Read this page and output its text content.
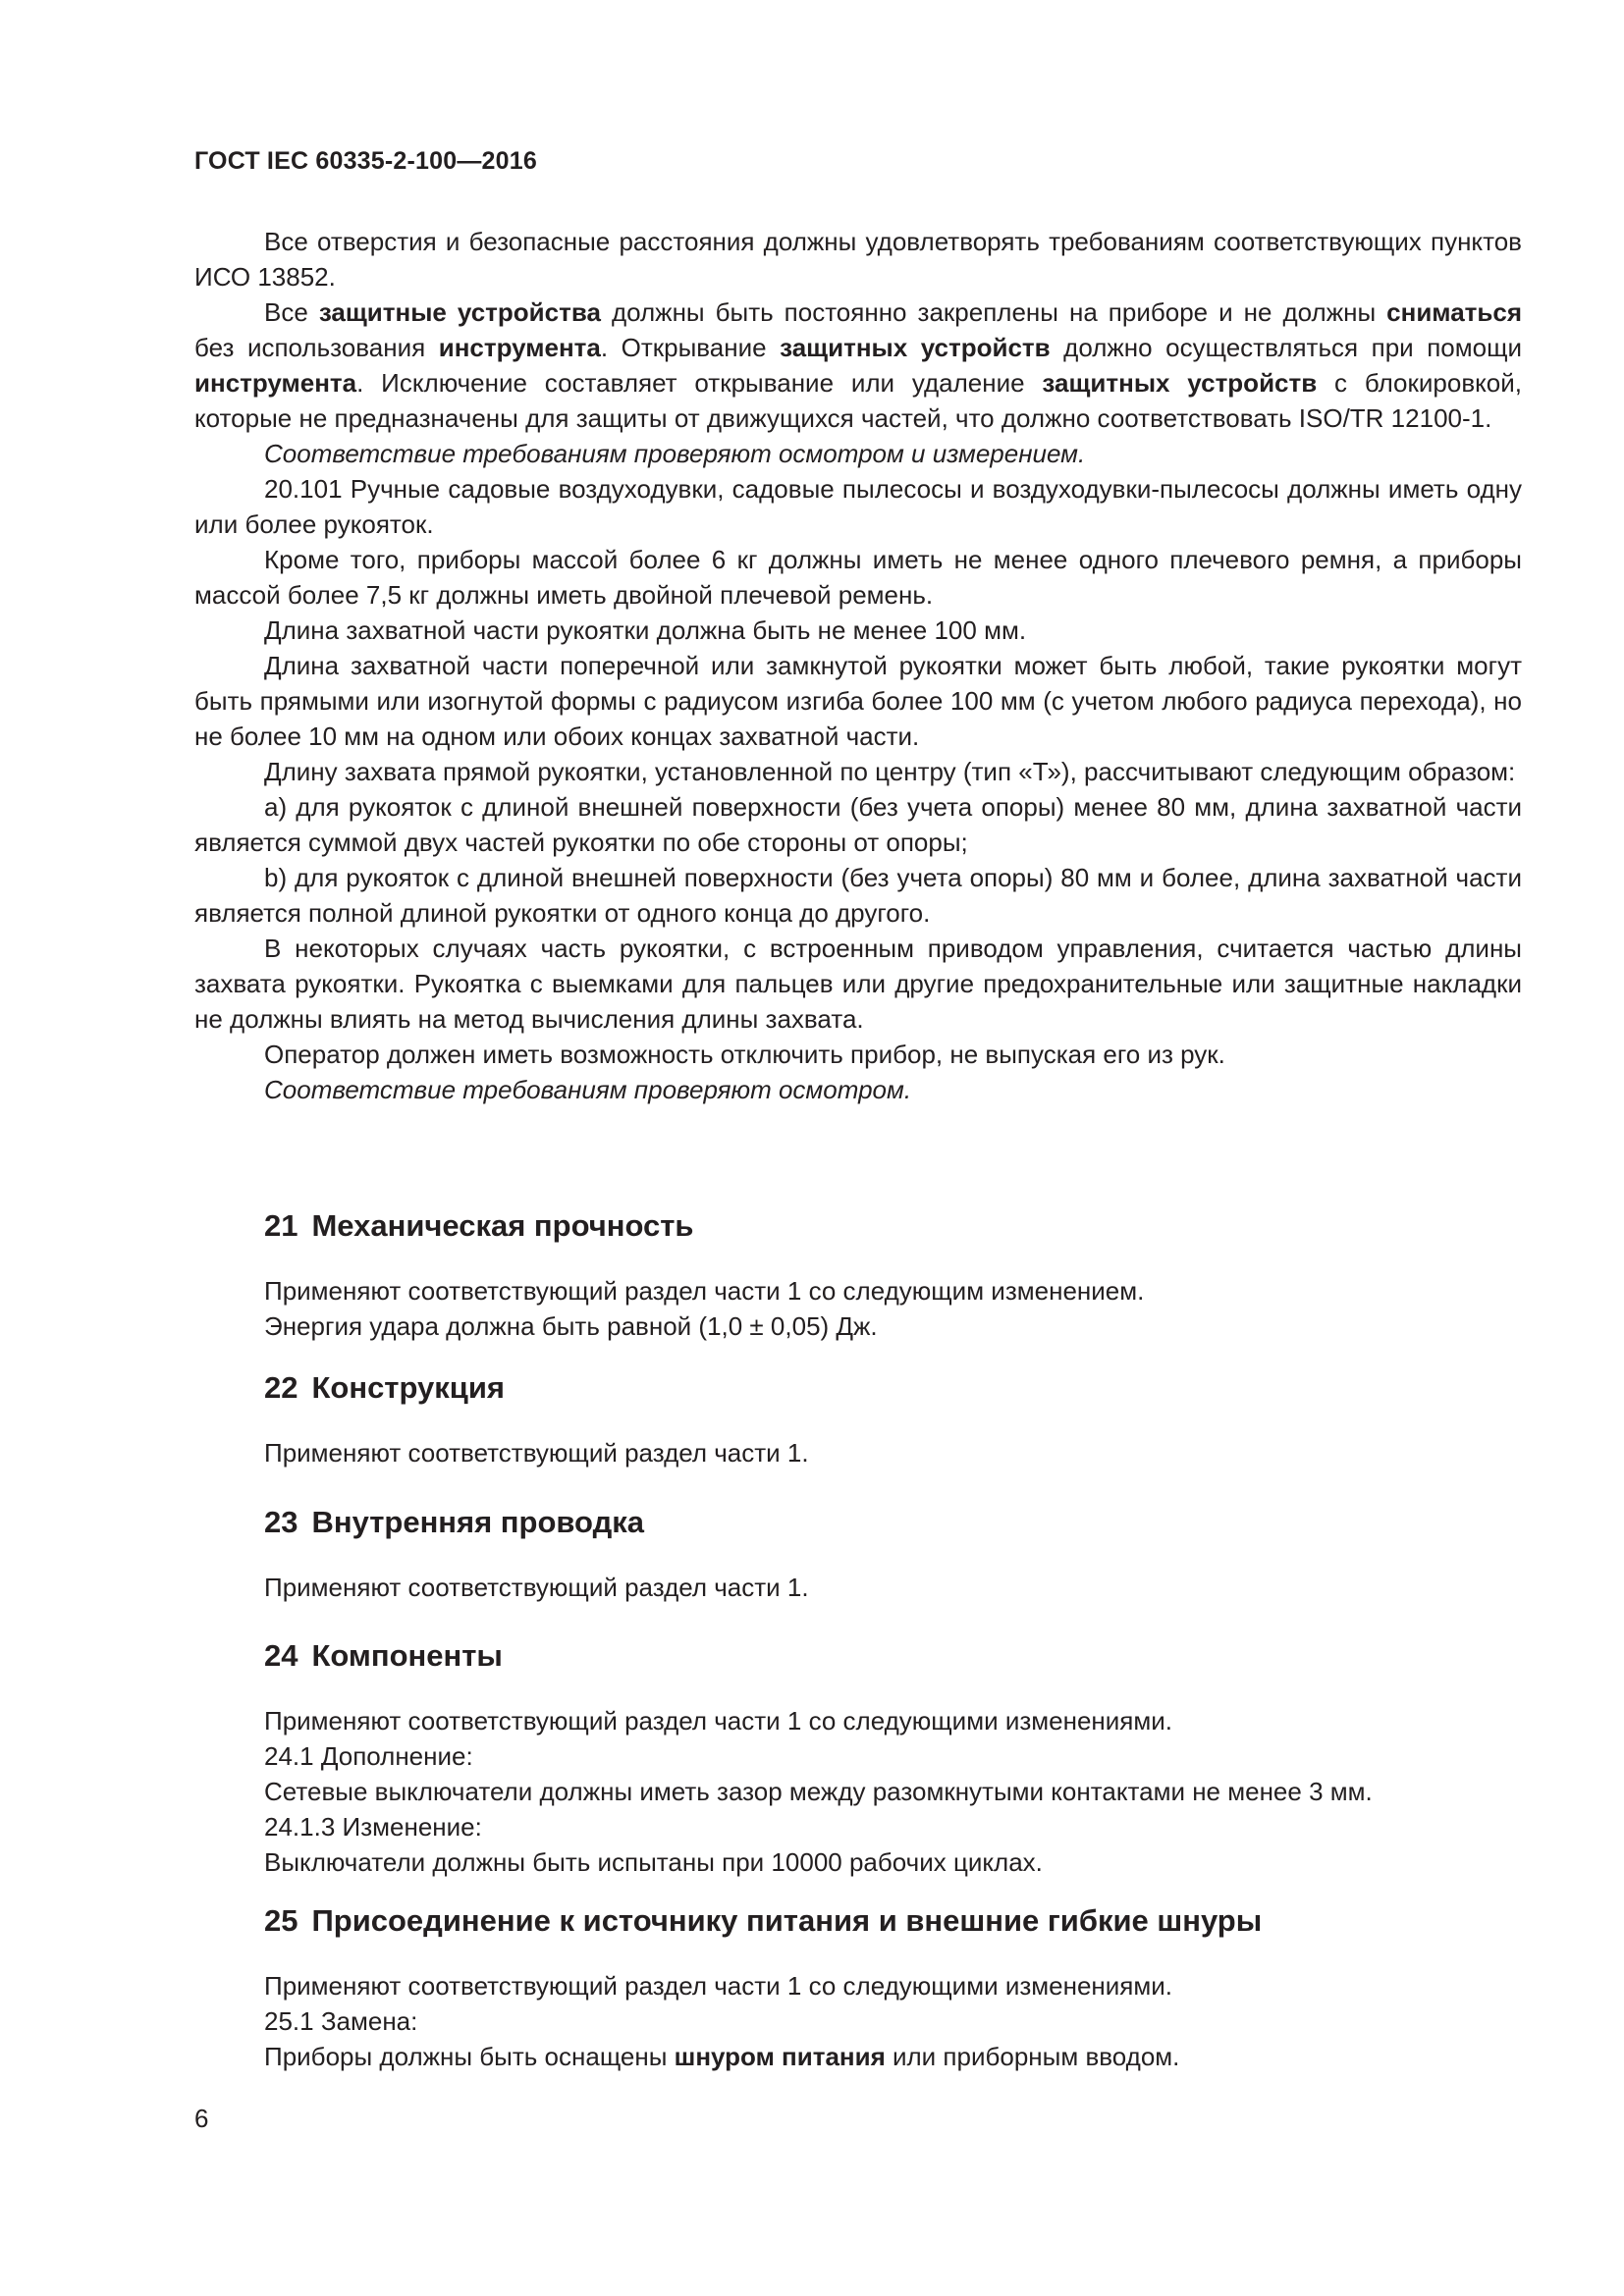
ГОСТ IEC 60335-2-100—2016

Все отверстия и безопасные расстояния должны удовлетворять требованиям соответствующих пунктов ИСО 13852.

Все защитные устройства должны быть постоянно закреплены на приборе и не должны сниматься без использования инструмента. Открывание защитных устройств должно осуществляться при помощи инструмента. Исключение составляет открывание или удаление защитных устройств с блокировкой, которые не предназначены для защиты от движущихся частей, что должно соответствовать ISO/TR 12100-1.

Соответствие требованиям проверяют осмотром и измерением.

20.101 Ручные садовые воздуходувки, садовые пылесосы и воздуходувки-пылесосы должны иметь одну или более рукояток.

Кроме того, приборы массой более 6 кг должны иметь не менее одного плечевого ремня, а приборы массой более 7,5 кг должны иметь двойной плечевой ремень.

Длина захватной части рукоятки должна быть не менее 100 мм.

Длина захватной части поперечной или замкнутой рукоятки может быть любой, такие рукоятки могут быть прямыми или изогнутой формы с радиусом изгиба более 100 мм (с учетом любого радиуса перехода), но не более 10 мм на одном или обоих концах захватной части.

Длину захвата прямой рукоятки, установленной по центру (тип «Т»), рассчитывают следующим образом:

a) для рукояток с длиной внешней поверхности (без учета опоры) менее 80 мм, длина захватной части является суммой двух частей рукоятки по обе стороны от опоры;

b) для рукояток с длиной внешней поверхности (без учета опоры) 80 мм и более, длина захватной части является полной длиной рукоятки от одного конца до другого.

В некоторых случаях часть рукоятки, с встроенным приводом управления, считается частью длины захвата рукоятки. Рукоятка с выемками для пальцев или другие предохранительные или защитные накладки не должны влиять на метод вычисления длины захвата.

Оператор должен иметь возможность отключить прибор, не выпуская его из рук.

Соответствие требованиям проверяют осмотром.

21 Механическая прочность
Применяют соответствующий раздел части 1 со следующим изменением.
Энергия удара должна быть равной (1,0 ± 0,05) Дж.
22 Конструкция
Применяют соответствующий раздел части 1.
23 Внутренняя проводка
Применяют соответствующий раздел части 1.
24 Компоненты
Применяют соответствующий раздел части 1 со следующими изменениями.
24.1 Дополнение:
Сетевые выключатели должны иметь зазор между разомкнутыми контактами не менее 3 мм.
24.1.3 Изменение:
Выключатели должны быть испытаны при 10000 рабочих циклах.
25 Присоединение к источнику питания и внешние гибкие шнуры
Применяют соответствующий раздел части 1 со следующими изменениями.
25.1 Замена:
Приборы должны быть оснащены шнуром питания или приборным вводом.
6
